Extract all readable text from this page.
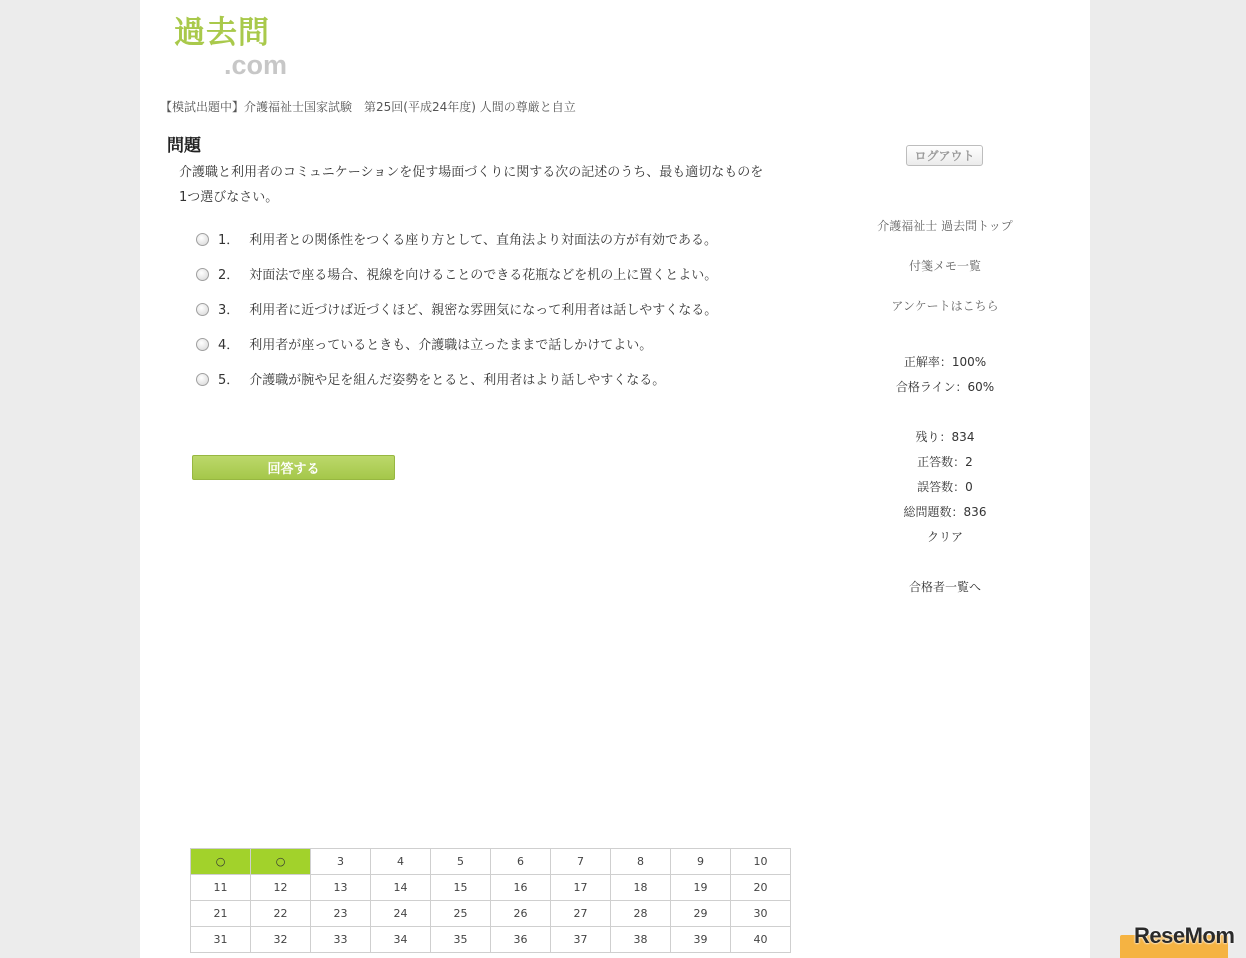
過去問
.com
【模試出題中】介護福祉士国家試験　第25回(平成24年度) 人間の尊厳と自立
問題
介護職と利用者のコミュニケーションを促す場面づくりに関する次の記述のうち、最も適切なものを1つ選びなさい。
1． 利用者との関係性をつくる座り方として、直角法より対面法の方が有効である。
2． 対面法で座る場合、視線を向けることのできる花瓶などを机の上に置くとよい。
3． 利用者に近づけば近づくほど、親密な雰囲気になって利用者は話しやすくなる。
4． 利用者が座っているときも、介護職は立ったままで話しかけてよい。
5． 介護職が腕や足を組んだ姿勢をとると、利用者はより話しやすくなる。
回答する
ログアウト
介護福祉士 過去問トップ
付箋メモ一覧
アンケートはこちら
正解率：100%
合格ライン：60%
残り：834
正答数：2
誤答数：0
総問題数：836
クリア
合格者一覧へ
○	○	3	4	5	6	7	8	9	10
11	12	13	14	15	16	17	18	19	20
21	22	23	24	25	26	27	28	29	30
31	32	33	34	35	36	37	38	39	40	ReseMom
